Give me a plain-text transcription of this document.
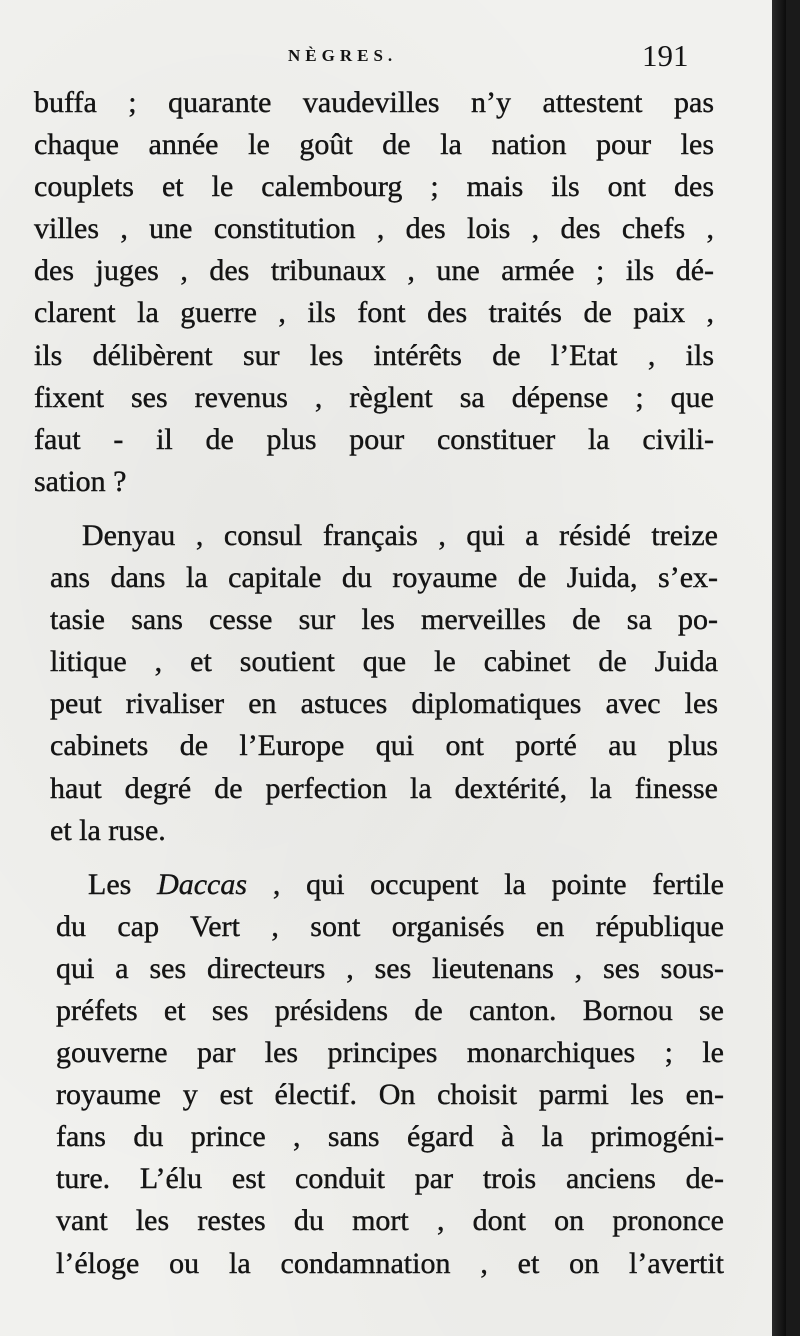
NÈGRES.	191
buffa ; quarante vaudevilles n’y attestent pas
chaque année le goût de la nation pour les
couplets et le calembourg ; mais ils ont des
villes , une constitution , des lois , des chefs ,
des juges , des tribunaux , une armée ; ils dé-
clarent la guerre , ils font des traités de paix ,
ils délibèrent sur les intérêts de l’Etat , ils
fixent ses revenus , règlent sa dépense ; que
faut - il de plus pour constituer la civili-
sation ?
Denyau , consul français , qui a résidé treize
ans dans la capitale du royaume de Juida, s’ex-
tasie sans cesse sur les merveilles de sa po-
litique , et soutient que le cabinet de Juida
peut rivaliser en astuces diplomatiques avec les
cabinets de l’Europe qui ont porté au plus
haut degré de perfection la dextérité, la finesse
et la ruse.
Les Daccas , qui occupent la pointe fertile
du cap Vert , sont organisés en république
qui a ses directeurs , ses lieutenans , ses sous-
préfets et ses présidens de canton. Bornou se
gouverne par les principes monarchiques ; le
royaume y est électif. On choisit parmi les en-
fans du prince , sans égard à la primogéni-
ture. L’élu est conduit par trois anciens de-
vant les restes du mort , dont on prononce
l’éloge ou la condamnation , et on l’avertit
